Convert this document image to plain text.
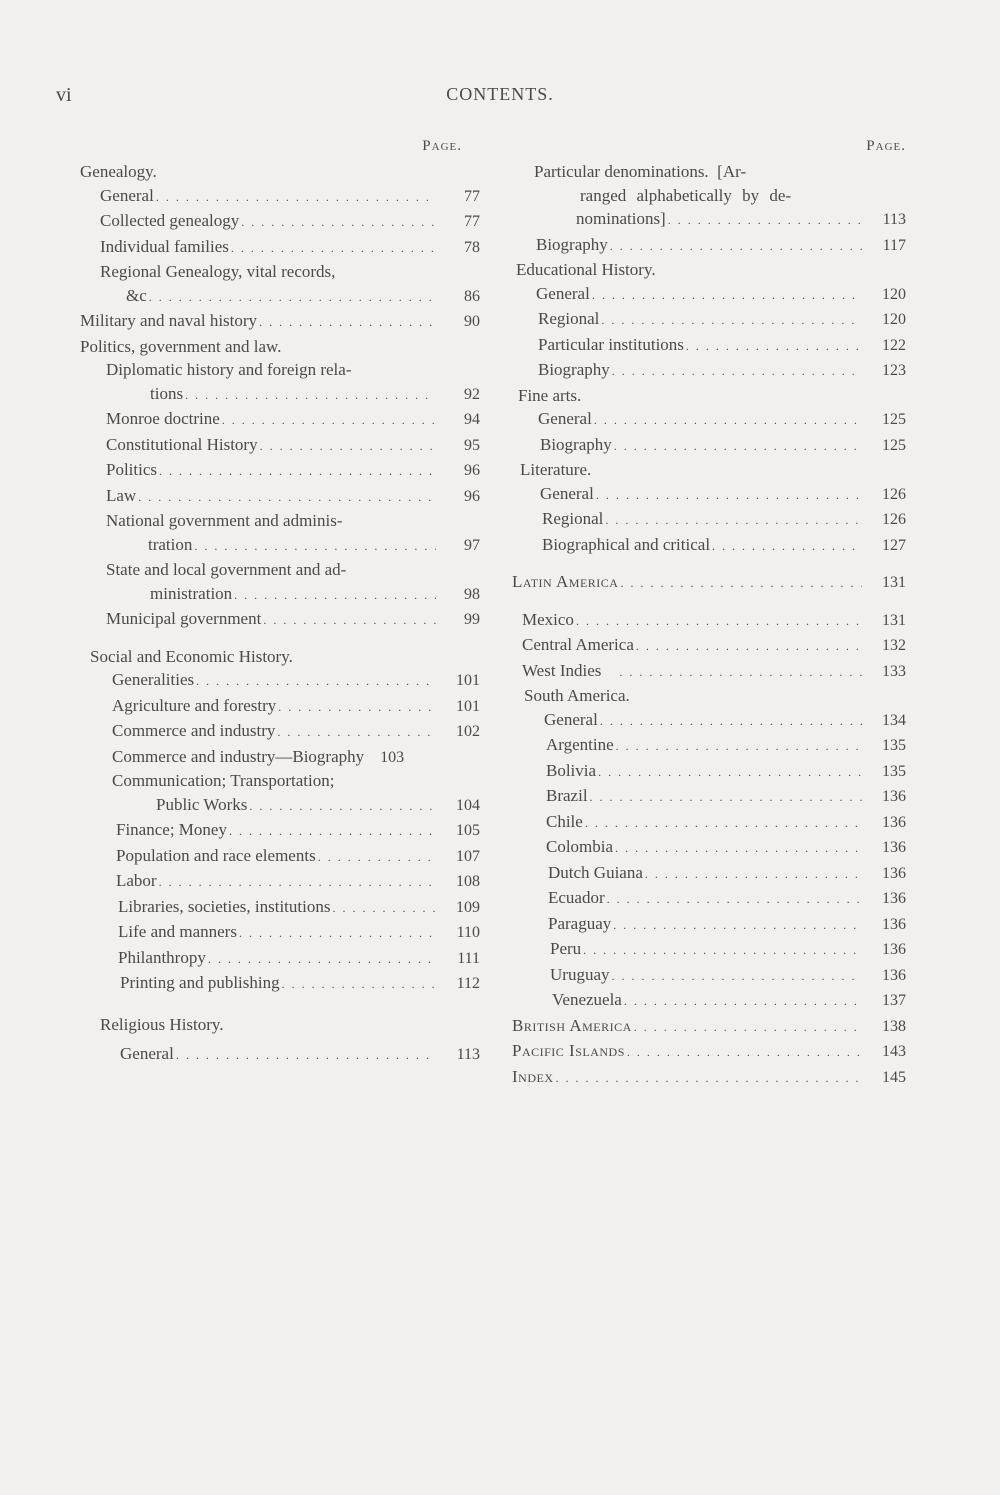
vi	CONTENTS.
Page.
Genealogy.
General . . .	77
Collected genealogy . . .	77
Individual families . . .	78
Regional Genealogy, vital records,
&c . . .	86
Military and naval history . . .	90
Politics, government and law.
Diplomatic history and foreign rela-
tions . . .	92
Monroe doctrine . . .	94
Constitutional History . . .	95
Politics . . .	96
Law . . .	96
National government and adminis-
tration . . .	97
State and local government and ad-
ministration . . .	98
Municipal government . . .	99
Social and Economic History.
Generalities . . .	101
Agriculture and forestry . . .	101
Commerce and industry . . .	102
Commerce and industry—Biography	103
Communication; Transportation;
Public Works . . .	104
Finance; Money . . .	105
Population and race elements . . .	107
Labor . . .	108
Libraries, societies, institutions . . .	109
Life and manners . . .	110
Philanthropy . . .	111
Printing and publishing . . .	112
Religious History.
General . . .	113
Page.
Particular denominations.  [Ar-
ranged alphabetically by de-
nominations] . . .	113
Biography . . .	117
Educational History.
General . . .	120
Regional . . .	120
Particular institutions . . .	122
Biography . . .	123
Fine arts.
General . . .	125
Biography . . .	125
Literature.
General . . .	126
Regional . . .	126
Biographical and critical . . .	127
Latin America . . .	131
Mexico . . .	131
Central America . . .	132
West Indies . . .	133
South America.
General . . .	134
Argentine . . .	135
Bolivia . . .	135
Brazil . . .	136
Chile . . .	136
Colombia . . .	136
Dutch Guiana . . .	136
Ecuador . . .	136
Paraguay . . .	136
Peru . . .	136
Uruguay . . .	136
Venezuela . . .	137
British America . . .	138
Pacific Islands . . .	143
Index . . .	145
